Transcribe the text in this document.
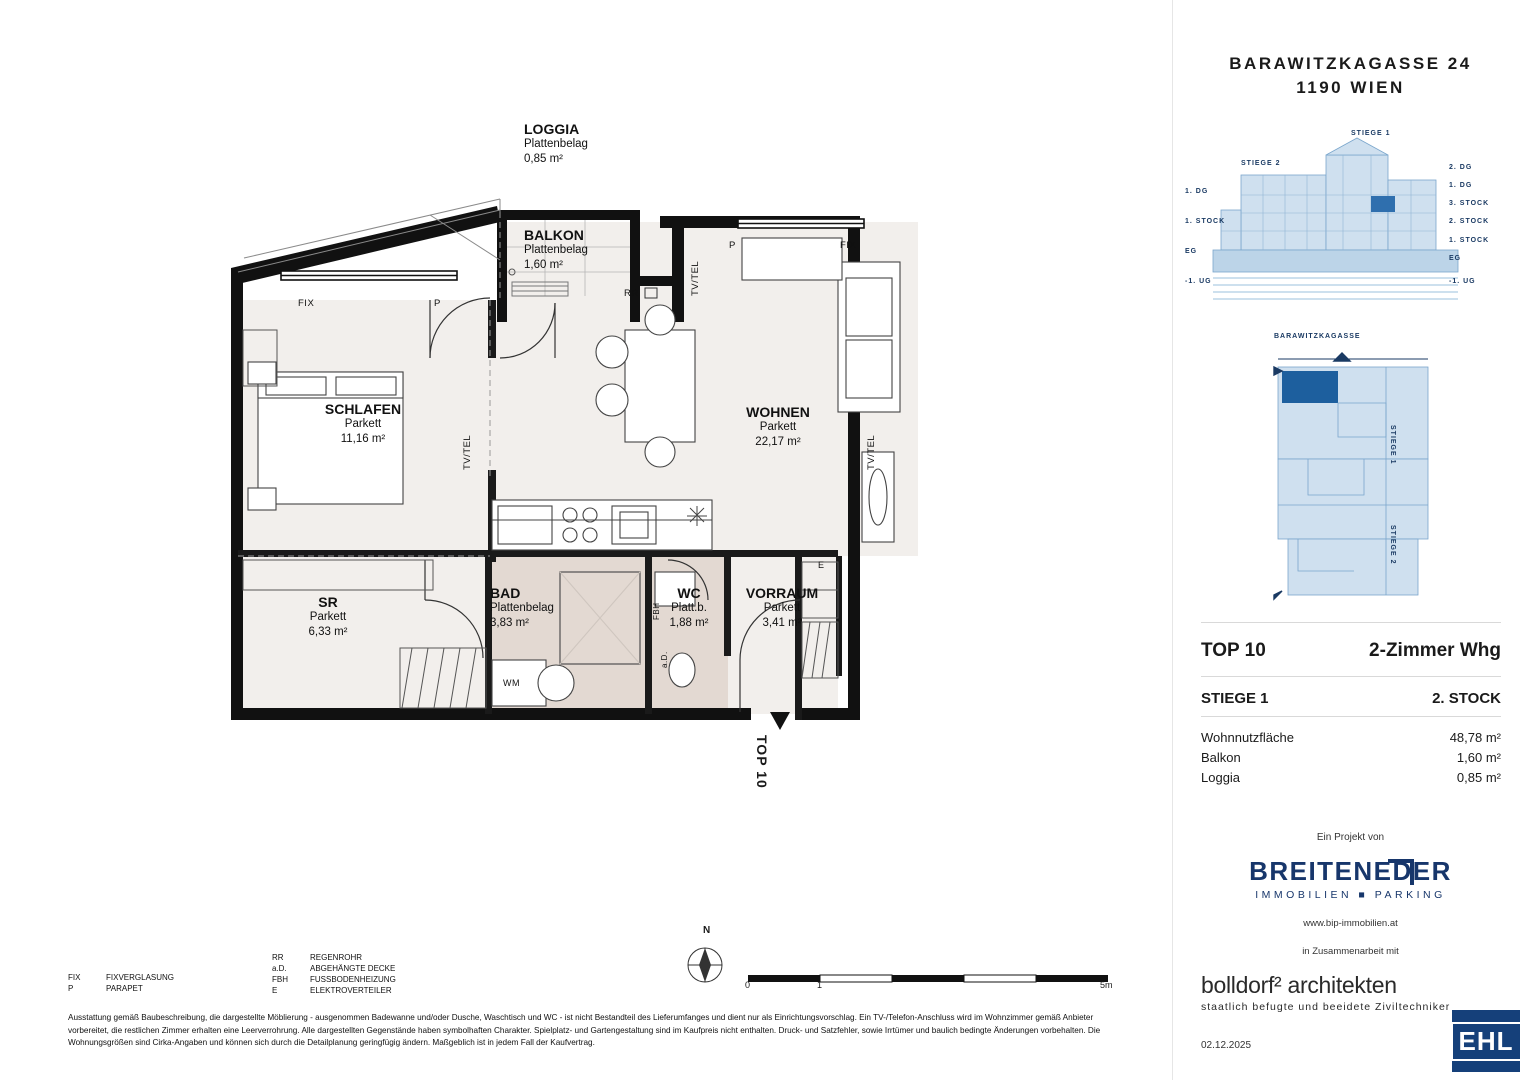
LOGGIA
Plattenbelag
0,85 m²
BALKON
Plattenbelag
1,60 m²
SCHLAFEN
Parkett
11,16 m²
WOHNEN
Parkett
22,17 m²
SR
Parkett
6,33 m²
BAD
Plattenbelag
3,83 m²
WC
Platt.b.
1,88 m²
VORRAUM
Parkett
3,41 m²
FIX	P
P	FIX
RR
TV/TEL
TV/TEL
TV/TEL
WM
a.D.
FBH
E
TOP 10
N
0	1	5m
FIX	FIXVERGLASUNG
P	PARAPET
RR	REGENROHR
a.D.	ABGEHÄNGTE DECKE
FBH	FUSSBODENHEIZUNG
E	ELEKTROVERTEILER
Ausstattung gemäß Baubeschreibung, die dargestellte Möblierung - ausgenommen Badewanne und/oder Dusche, Waschtisch und WC - ist nicht Bestandteil des Lieferumfanges und dient nur als Einrichtungsvorschlag. Ein TV-/Telefon-Anschluss wird im Wohnzimmer gemäß Anbieter vorbereitet, die restlichen Zimmer erhalten eine Leerverrohrung. Alle dargestellten Gegenstände haben symbolhaften Charakter. Spielplatz- und Gartengestaltung sind im Kaufpreis nicht enthalten. Druck- und Satzfehler, sowie Irrtümer und baulich bedingte Änderungen vorbehalten. Die Wohnungsgrößen sind Cirka-Angaben und können sich durch die Detailplanung geringfügig ändern. Maßgeblich ist in jedem Fall der Kaufvertrag.
BARAWITZKAGASSE 24
1190 WIEN
STIEGE 1
STIEGE 2
2. DG
1. DG
3. STOCK
2. STOCK
1. STOCK
EG
-1. UG
1. DG
1. STOCK
EG
-1. UG
BARAWITZKAGASSE
STIEGE 1
STIEGE 2
TOP 10	2-Zimmer Whg
STIEGE 1	2. STOCK
Wohnnutzfläche	48,78 m²
Balkon	1,60 m²
Loggia	0,85 m²
Ein Projekt von
BREITENEDER
IMMOBILIEN ■ PARKING
www.bip-immobilien.at
in Zusammenarbeit mit
bolldorf² architekten
staatlich befugte und beeidete Ziviltechniker
02.12.2025	EHL
